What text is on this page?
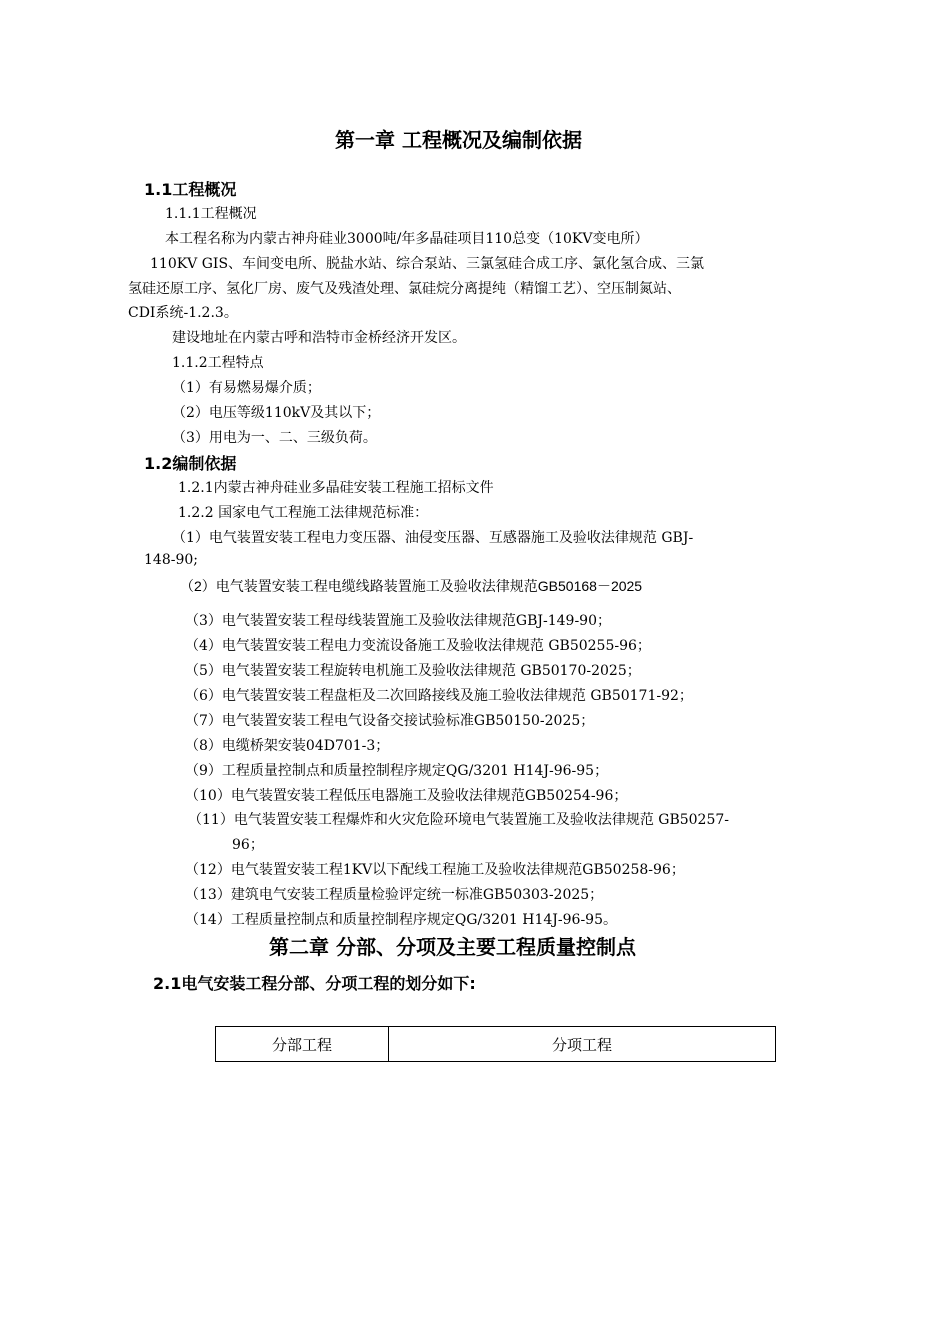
第一章 工程概况及编制依据
1.1工程概况
1.1.1工程概况
本工程名称为内蒙古神舟硅业3000吨/年多晶硅项目110总变（10KV变电所）
110KV GIS、车间变电所、脱盐水站、综合泵站、三氯氢硅合成工序、氯化氢合成、三氯
氢硅还原工序、氢化厂房、废气及残渣处理、氯硅烷分离提纯（精馏工艺）、空压制氮站、
CDI系统-1.2.3。
建设地址在内蒙古呼和浩特市金桥经济开发区。
1.1.2工程特点
（1）有易燃易爆介质；
（2）电压等级110kV及其以下；
（3）用电为一、二、三级负荷。
1.2编制依据
1.2.1内蒙古神舟硅业多晶硅安装工程施工招标文件
1.2.2 国家电气工程施工法律规范标准：
（1）电气装置安装工程电力变压器、油侵变压器、互感器施工及验收法律规范 GBJ-
148-90;
（2）电气装置安装工程电缆线路装置施工及验收法律规范GB50168－2025
（3）电气装置安装工程母线装置施工及验收法律规范GBJ-149-90；
（4）电气装置安装工程电力变流设备施工及验收法律规范 GB50255-96；
（5）电气装置安装工程旋转电机施工及验收法律规范 GB50170-2025；
（6）电气装置安装工程盘柜及二次回路接线及施工验收法律规范 GB50171-92；
（7）电气装置安装工程电气设备交接试验标准GB50150-2025；
（8）电缆桥架安装04D701-3；
（9）工程质量控制点和质量控制程序规定QG/3201 H14J-96-95；
（10）电气装置安装工程低压电器施工及验收法律规范GB50254-96；
（11）电气装置安装工程爆炸和火灾危险环境电气装置施工及验收法律规范 GB50257-
96；
（12）电气装置安装工程1KV以下配线工程施工及验收法律规范GB50258-96；
（13）建筑电气安装工程质量检验评定统一标准GB50303-2025；
（14）工程质量控制点和质量控制程序规定QG/3201 H14J-96-95。
第二章 分部、分项及主要工程质量控制点
2.1电气安装工程分部、分项工程的划分如下:
分部工程	分项工程
